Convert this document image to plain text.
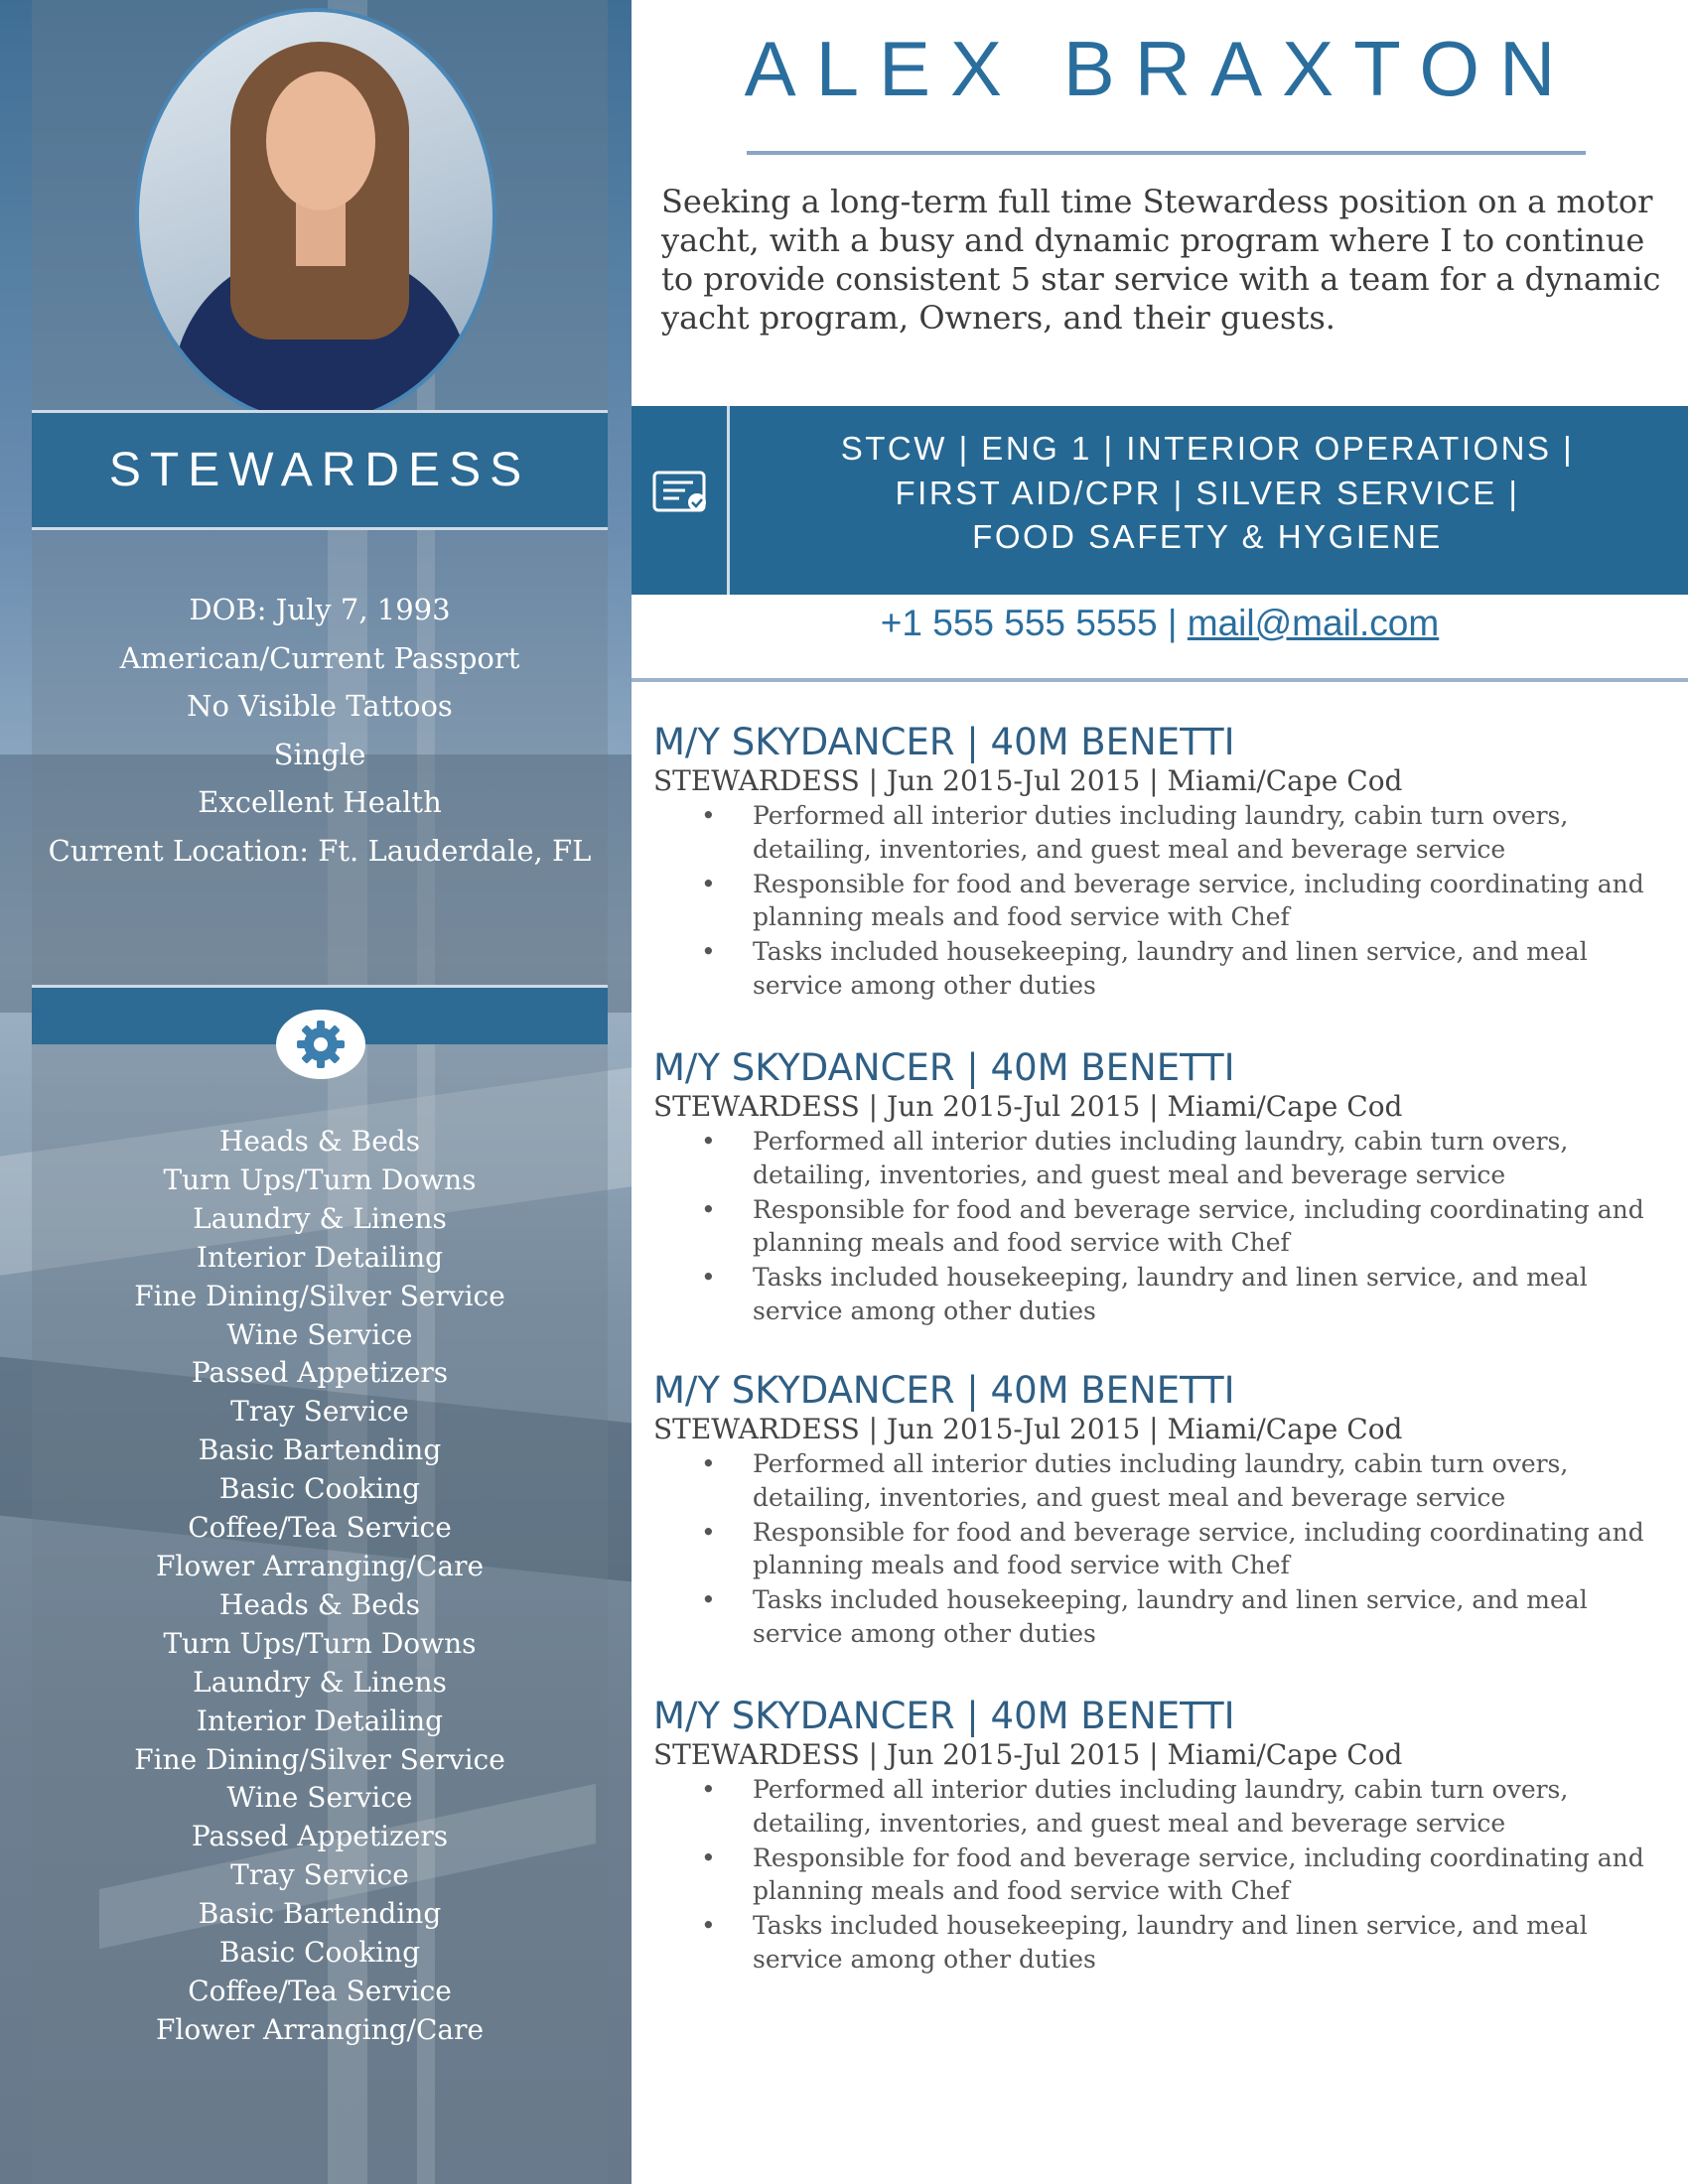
STEWARDESS
DOB: July 7, 1993
American/Current Passport
No Visible Tattoos
Single
Excellent Health
Current Location: Ft. Lauderdale, FL
Heads & Beds
Turn Ups/Turn Downs
Laundry & Linens
Interior Detailing
Fine Dining/Silver Service
Wine Service
Passed Appetizers
Tray Service
Basic Bartending
Basic Cooking
Coffee/Tea Service
Flower Arranging/Care
Heads & Beds
Turn Ups/Turn Downs
Laundry & Linens
Interior Detailing
Fine Dining/Silver Service
Wine Service
Passed Appetizers
Tray Service
Basic Bartending
Basic Cooking
Coffee/Tea Service
Flower Arranging/Care
ALEX BRAXTON
Seeking a long-term full time Stewardess position on a motor yacht, with a busy and dynamic program where I to continue to provide consistent 5 star service with a team for a dynamic yacht program, Owners, and their guests.
STCW | ENG 1 | INTERIOR OPERATIONS |
FIRST AID/CPR | SILVER SERVICE |
FOOD SAFETY & HYGIENE
+1 555 555 5555 | mail@mail.com
M/Y SKYDANCER | 40M BENETTI
STEWARDESS | Jun 2015-Jul 2015 | Miami/Cape Cod
• Performed all interior duties including laundry, cabin turn overs, detailing, inventories, and guest meal and beverage service
• Responsible for food and beverage service, including coordinating and planning meals and food service with Chef
• Tasks included housekeeping, laundry and linen service, and meal service among other duties
M/Y SKYDANCER | 40M BENETTI
STEWARDESS | Jun 2015-Jul 2015 | Miami/Cape Cod
• Performed all interior duties including laundry, cabin turn overs, detailing, inventories, and guest meal and beverage service
• Responsible for food and beverage service, including coordinating and planning meals and food service with Chef
• Tasks included housekeeping, laundry and linen service, and meal service among other duties
M/Y SKYDANCER | 40M BENETTI
STEWARDESS | Jun 2015-Jul 2015 | Miami/Cape Cod
• Performed all interior duties including laundry, cabin turn overs, detailing, inventories, and guest meal and beverage service
• Responsible for food and beverage service, including coordinating and planning meals and food service with Chef
• Tasks included housekeeping, laundry and linen service, and meal service among other duties
M/Y SKYDANCER | 40M BENETTI
STEWARDESS | Jun 2015-Jul 2015 | Miami/Cape Cod
• Performed all interior duties including laundry, cabin turn overs, detailing, inventories, and guest meal and beverage service
• Responsible for food and beverage service, including coordinating and planning meals and food service with Chef
• Tasks included housekeeping, laundry and linen service, and meal service among other duties
